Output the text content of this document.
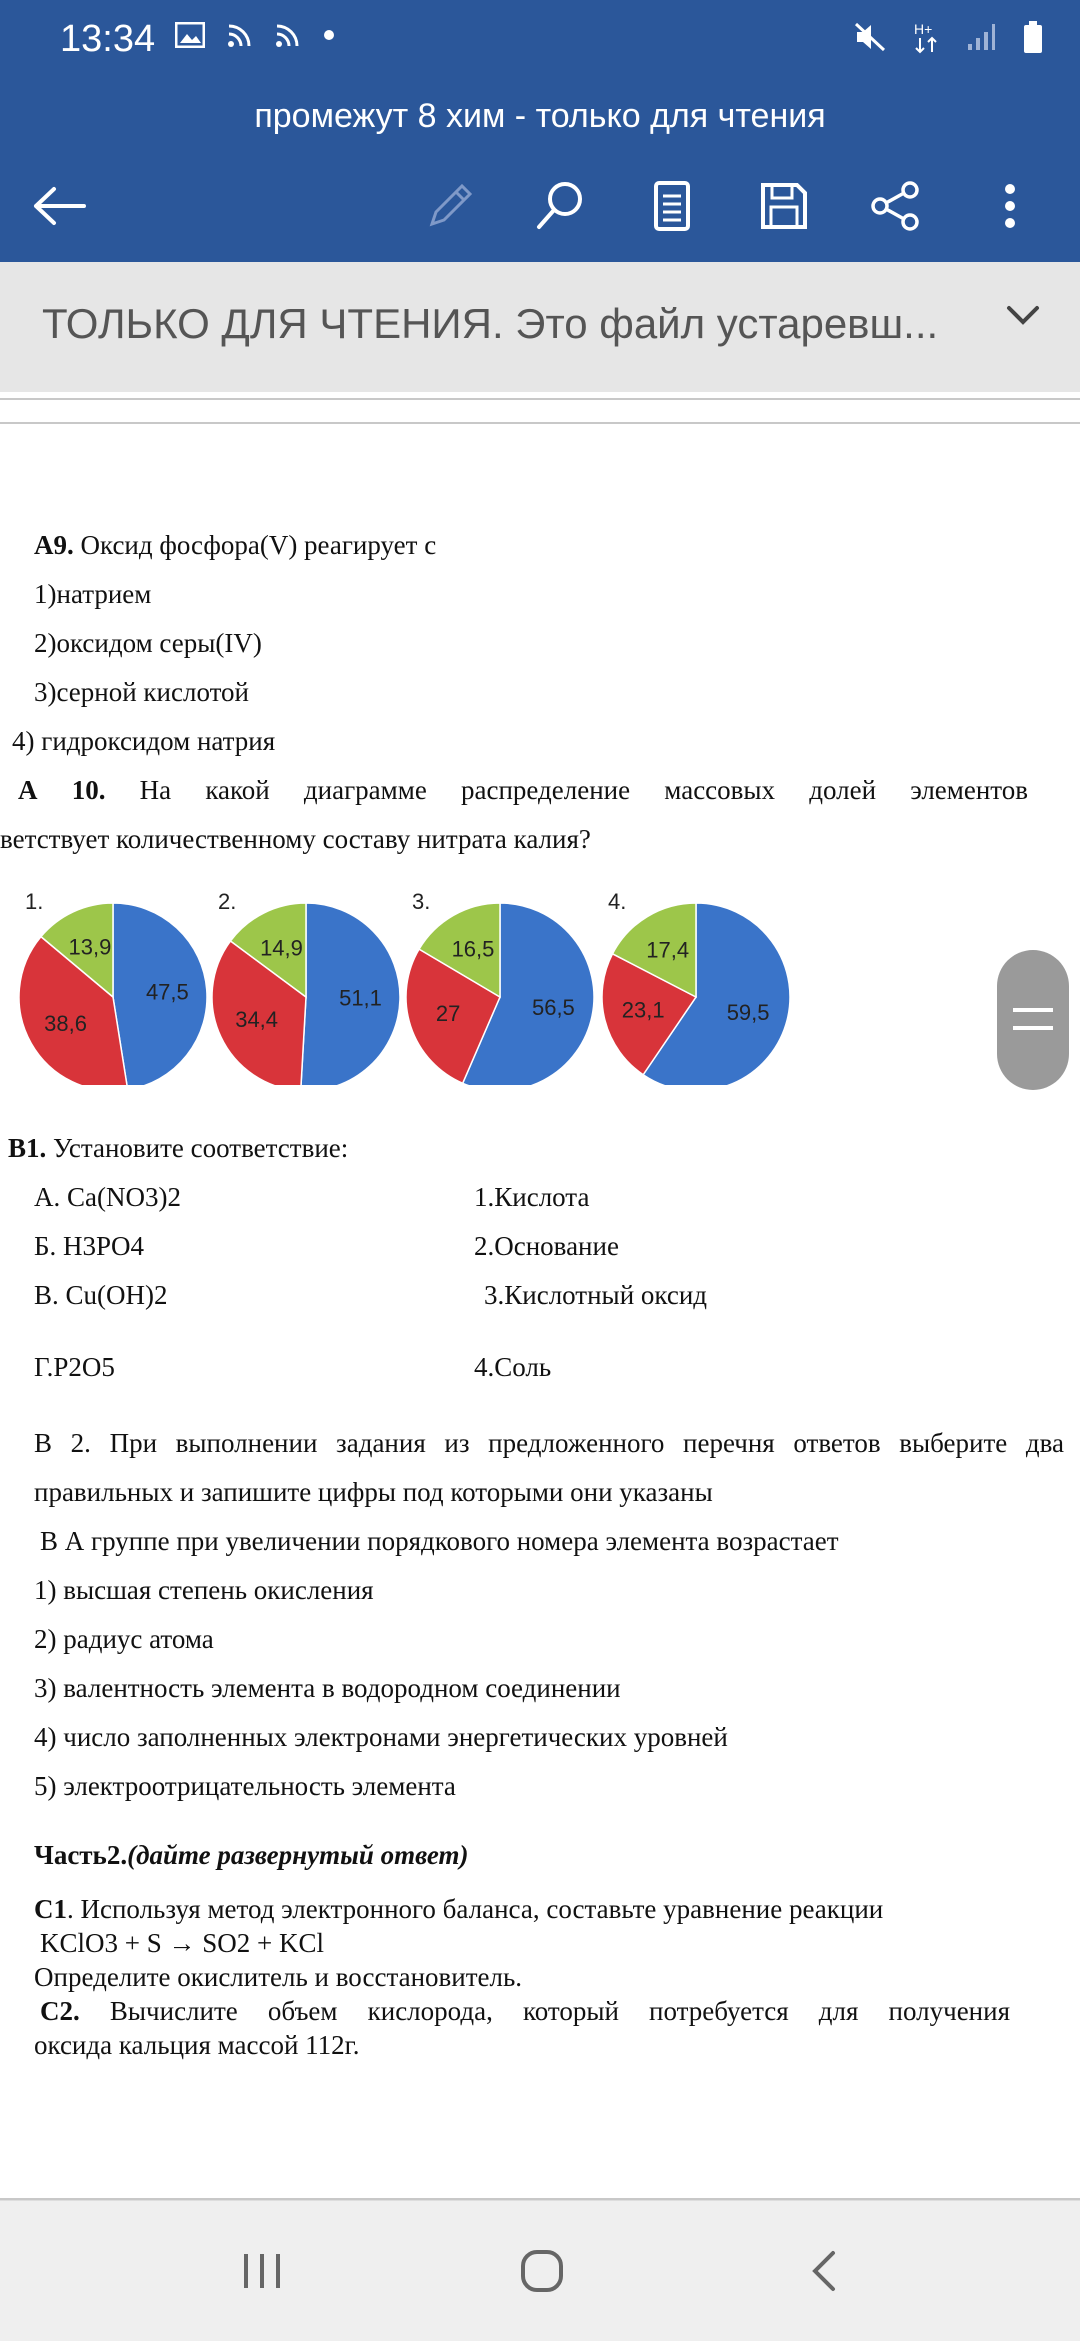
13:34	H+
промежут 8 хим - только для чтения
ТОЛЬКО ДЛЯ ЧТЕНИЯ. Это файл устаревш...
А9. Оксид фосфора(V) реагирует с
1)натрием
2)оксидом серы(IV)
3)серной кислотой
4) гидроксидом натрия
А 10. На какой диаграмме распределение массовых долей элементов
ветствует количественному составу нитрата калия?
В1. Установите соответствие:
А. Ca(NO3)2	1.Кислота
Б. H3PO4	2.Основание
В. Cu(OH)2	3.Кислотный оксид
Г.P2O5	4.Соль
В 2. При выполнении задания из предложенного перечня ответов выберите два
правильных и запишите цифры под которыми они указаны
В А группе при увеличении порядкового номера элемента возрастает
1) высшая степень окисления
2) радиус атома
3) валентность элемента в водородном соединении
4) число заполненных электронами энергетических уровней
5) электроотрицательность элемента
Часть2.(дайте развернутый ответ)
С1. Используя метод электронного баланса, составьте уравнение реакции
KClO3 + S → SO2 + KCl
Определите окислитель и восстановитель.
С2. Вычислите объем кислорода, который потребуется для получения
оксида кальция массой 112г.
47,5
38,6
13,9
1.
51,1
34,4
14,9
2.
56,5
27
16,5
3.
59,5
23,1
17,4
4.
